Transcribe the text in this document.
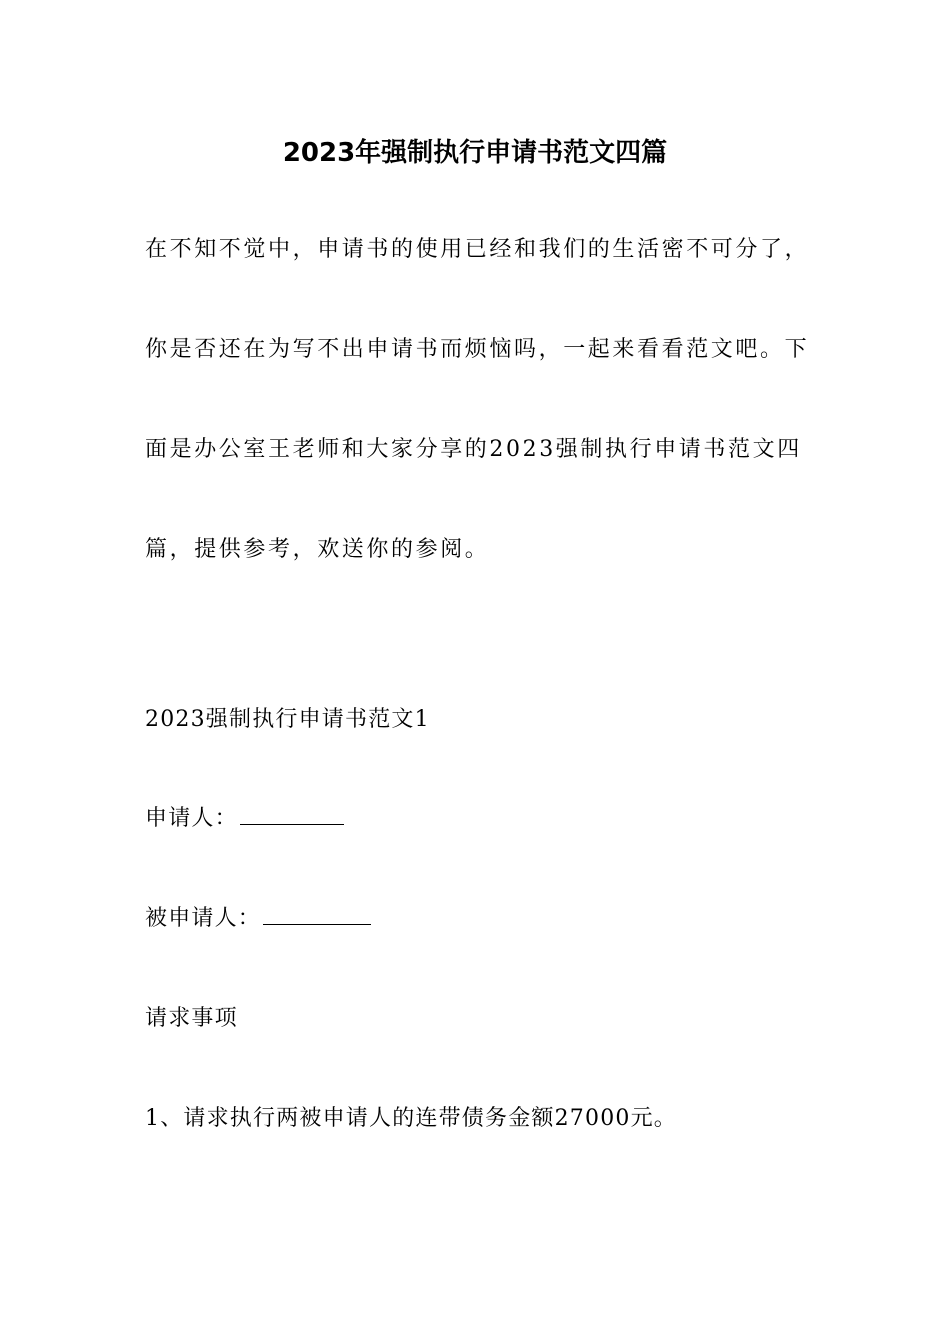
2023年强制执行申请书范文四篇
在不知不觉中，申请书的使用已经和我们的生活密不可分了，
你是否还在为写不出申请书而烦恼吗，一起来看看范文吧。下
面是办公室王老师和大家分享的2023强制执行申请书范文四
篇，提供参考，欢送你的参阅。
2023强制执行申请书范文1
申请人：
被申请人：
请求事项
1、请求执行两被申请人的连带债务金额27000元。
